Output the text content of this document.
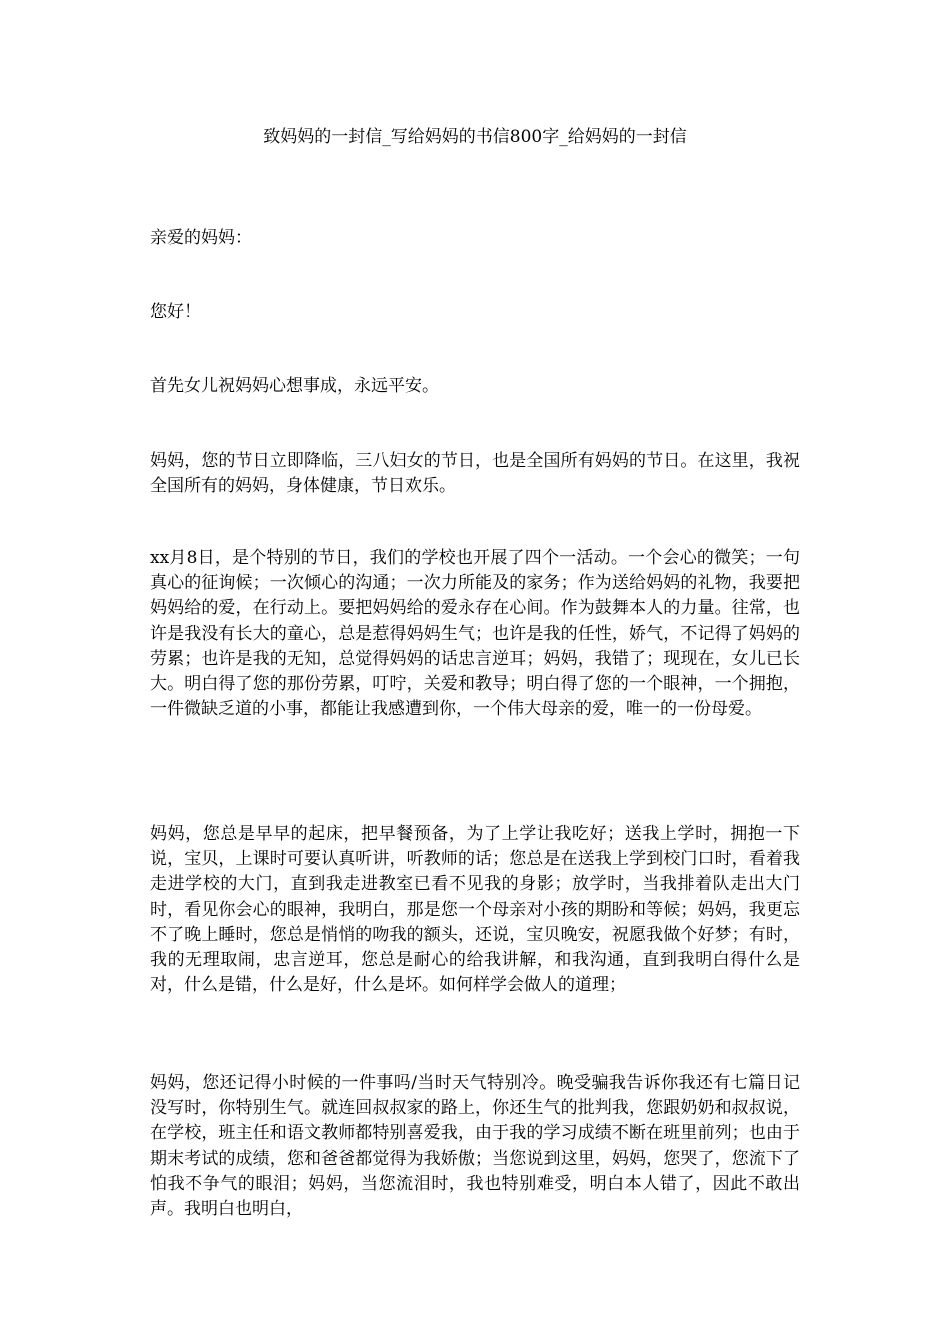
致妈妈的一封信_写给妈妈的书信800字_给妈妈的一封信

亲爱的妈妈：

您好！

首先女儿祝妈妈心想事成，永远平安。

妈妈，您的节日立即降临，三八妇女的节日，也是全国所有妈妈的节日。在这里，我祝全国所有的妈妈，身体健康，节日欢乐。

xx月8日，是个特别的节日，我们的学校也开展了四个一活动。一个会心的微笑；一句真心的征询候；一次倾心的沟通；一次力所能及的家务；作为送给妈妈的礼物，我要把妈妈给的爱，在行动上。要把妈妈给的爱永存在心间。作为鼓舞本人的力量。往常，也许是我没有长大的童心，总是惹得妈妈生气；也许是我的任性，娇气，不记得了妈妈的劳累；也许是我的无知，总觉得妈妈的话忠言逆耳；妈妈，我错了；现现在，女儿已长大。明白得了您的那份劳累，叮咛，关爱和教导；明白得了您的一个眼神，一个拥抱，一件微缺乏道的小事，都能让我感遭到你，一个伟大母亲的爱，唯一的一份母爱。

妈妈，您总是早早的起床，把早餐预备，为了上学让我吃好；送我上学时，拥抱一下说，宝贝，上课时可要认真听讲，听教师的话；您总是在送我上学到校门口时，看着我走进学校的大门，直到我走进教室已看不见我的身影；放学时，当我排着队走出大门时，看见你会心的眼神，我明白，那是您一个母亲对小孩的期盼和等候；妈妈，我更忘不了晚上睡时，您总是悄悄的吻我的额头，还说，宝贝晚安，祝愿我做个好梦；有时，我的无理取闹，忠言逆耳，您总是耐心的给我讲解，和我沟通，直到我明白得什么是对，什么是错，什么是好，什么是坏。如何样学会做人的道理；

妈妈，您还记得小时候的一件事吗/当时天气特别冷。晚受骗我告诉你我还有七篇日记没写时，你特别生气。就连回叔叔家的路上，你还生气的批判我，您跟奶奶和叔叔说，在学校，班主任和语文教师都特别喜爱我，由于我的学习成绩不断在班里前列；也由于期末考试的成绩，您和爸爸都觉得为我娇傲；当您说到这里，妈妈，您哭了，您流下了怕我不争气的眼泪；妈妈，当您流泪时，我也特别难受，明白本人错了，因此不敢出声。我明白也明白，
